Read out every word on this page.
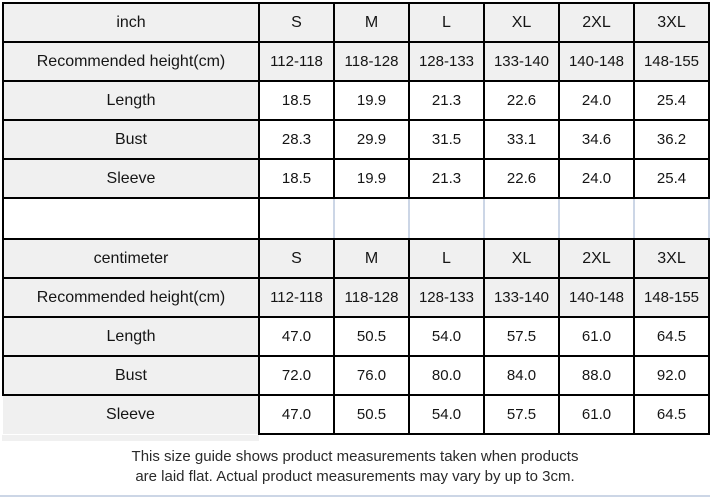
inch	S	M	L	XL	2XL	3XL
Recommended height(cm)	112-118	118-128	128-133	133-140	140-148	148-155
Length	18.5	19.9	21.3	22.6	24.0	25.4
Bust	28.3	29.9	31.5	33.1	34.6	36.2
Sleeve	18.5	19.9	21.3	22.6	24.0	25.4

centimeter	S	M	L	XL	2XL	3XL
Recommended height(cm)	112-118	118-128	128-133	133-140	140-148	148-155
Length	47.0	50.5	54.0	57.5	61.0	64.5
Bust	72.0	76.0	80.0	84.0	88.0	92.0
Sleeve	47.0	50.5	54.0	57.5	61.0	64.5
This size guide shows product measurements taken when products
are laid flat. Actual product measurements may vary by up to 3cm.
